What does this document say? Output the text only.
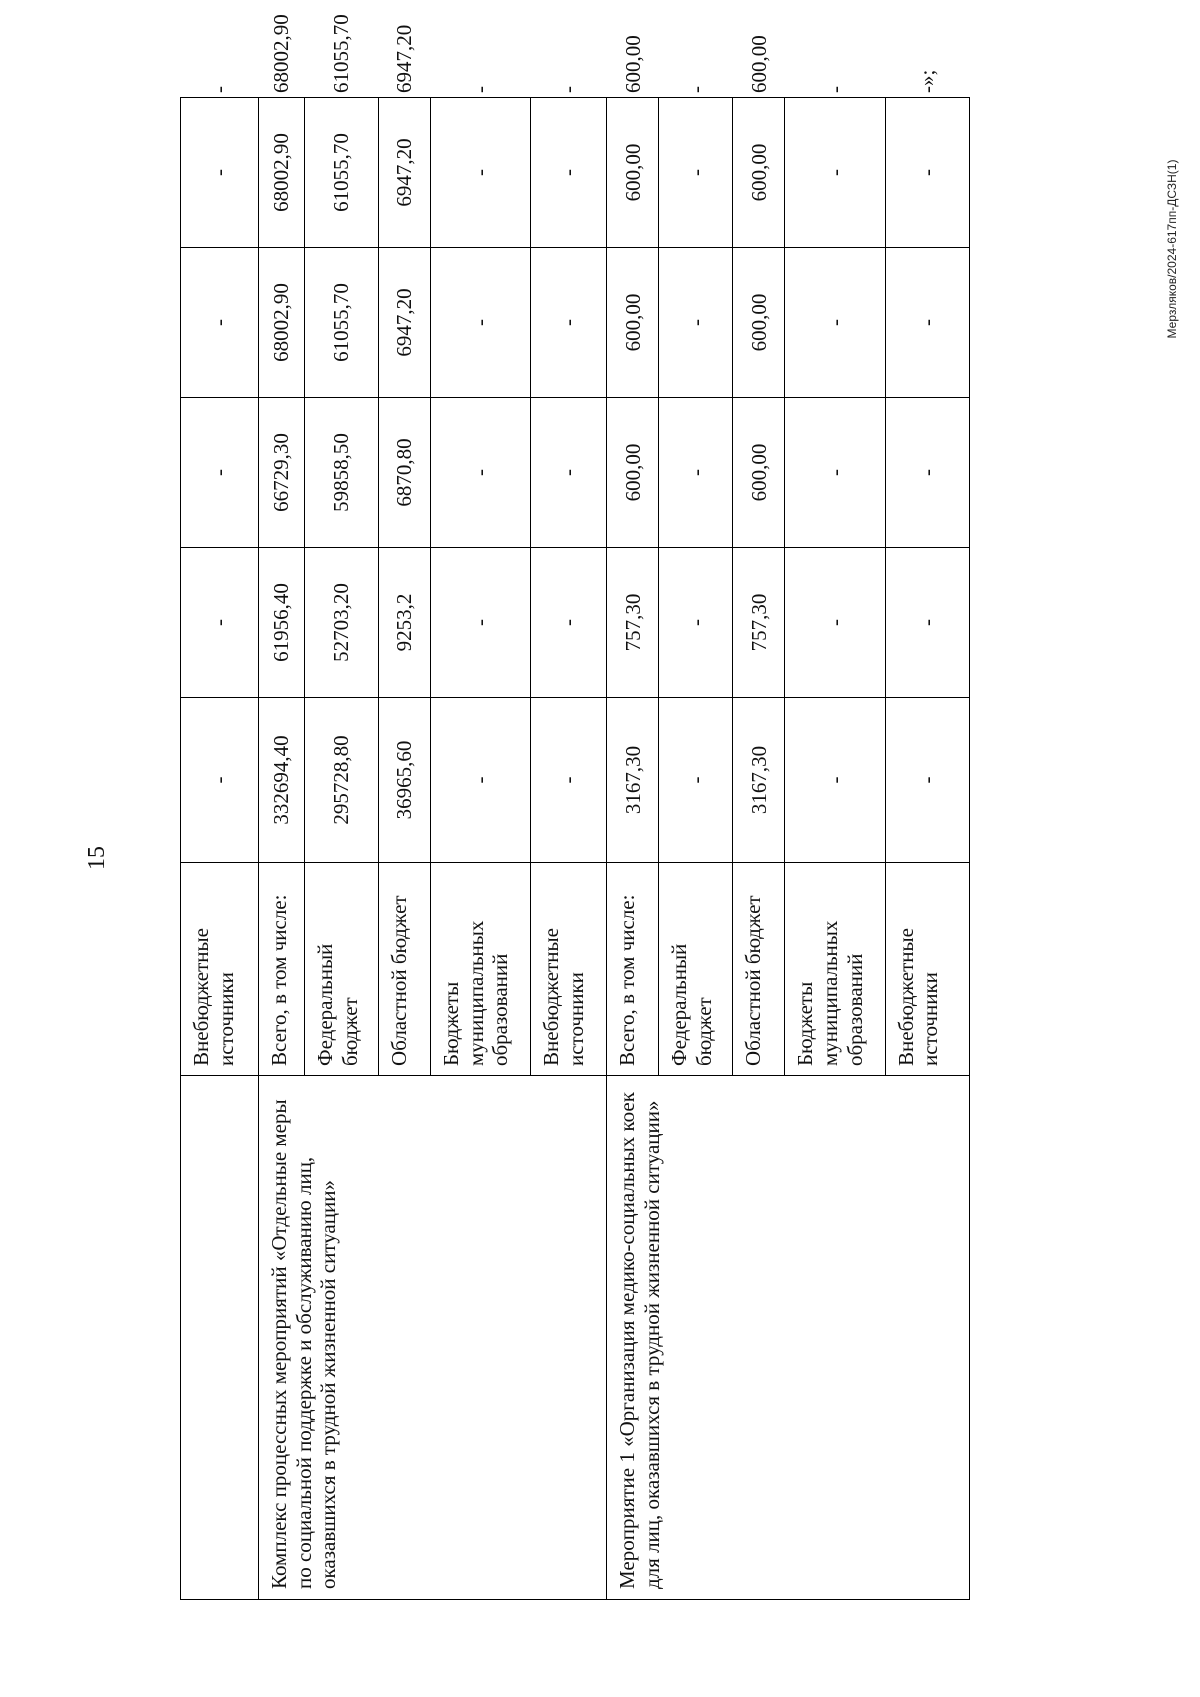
15
Мерзляков/2024-617пп-ДСЗН(1)
	Внебюджетные источники	-	-	-	-	-	-
Комплекс процессных мероприятий «Отдельные меры по социальной поддержке и обслуживанию лиц, оказавшихся в трудной жизненной ситуации»	Всего, в том числе:	332694,40	61956,40	66729,30	68002,90	68002,90	68002,90
	Федеральный бюджет	295728,80	52703,20	59858,50	61055,70	61055,70	61055,70
	Областной бюджет	36965,60	9253,2	6870,80	6947,20	6947,20	6947,20
	Бюджеты муниципальных образований	-	-	-	-	-	-
	Внебюджетные источники	-	-	-	-	-	-
Мероприятие 1 «Организация медико-социальных коек для лиц, оказавшихся в трудной жизненной ситуации»	Всего, в том числе:	3167,30	757,30	600,00	600,00	600,00	600,00
	Федеральный бюджет	-	-	-	-	-	-
	Областной бюджет	3167,30	757,30	600,00	600,00	600,00	600,00
	Бюджеты муниципальных образований	-	-	-	-	-	-
	Внебюджетные источники	-	-	-	-	-	-»;
